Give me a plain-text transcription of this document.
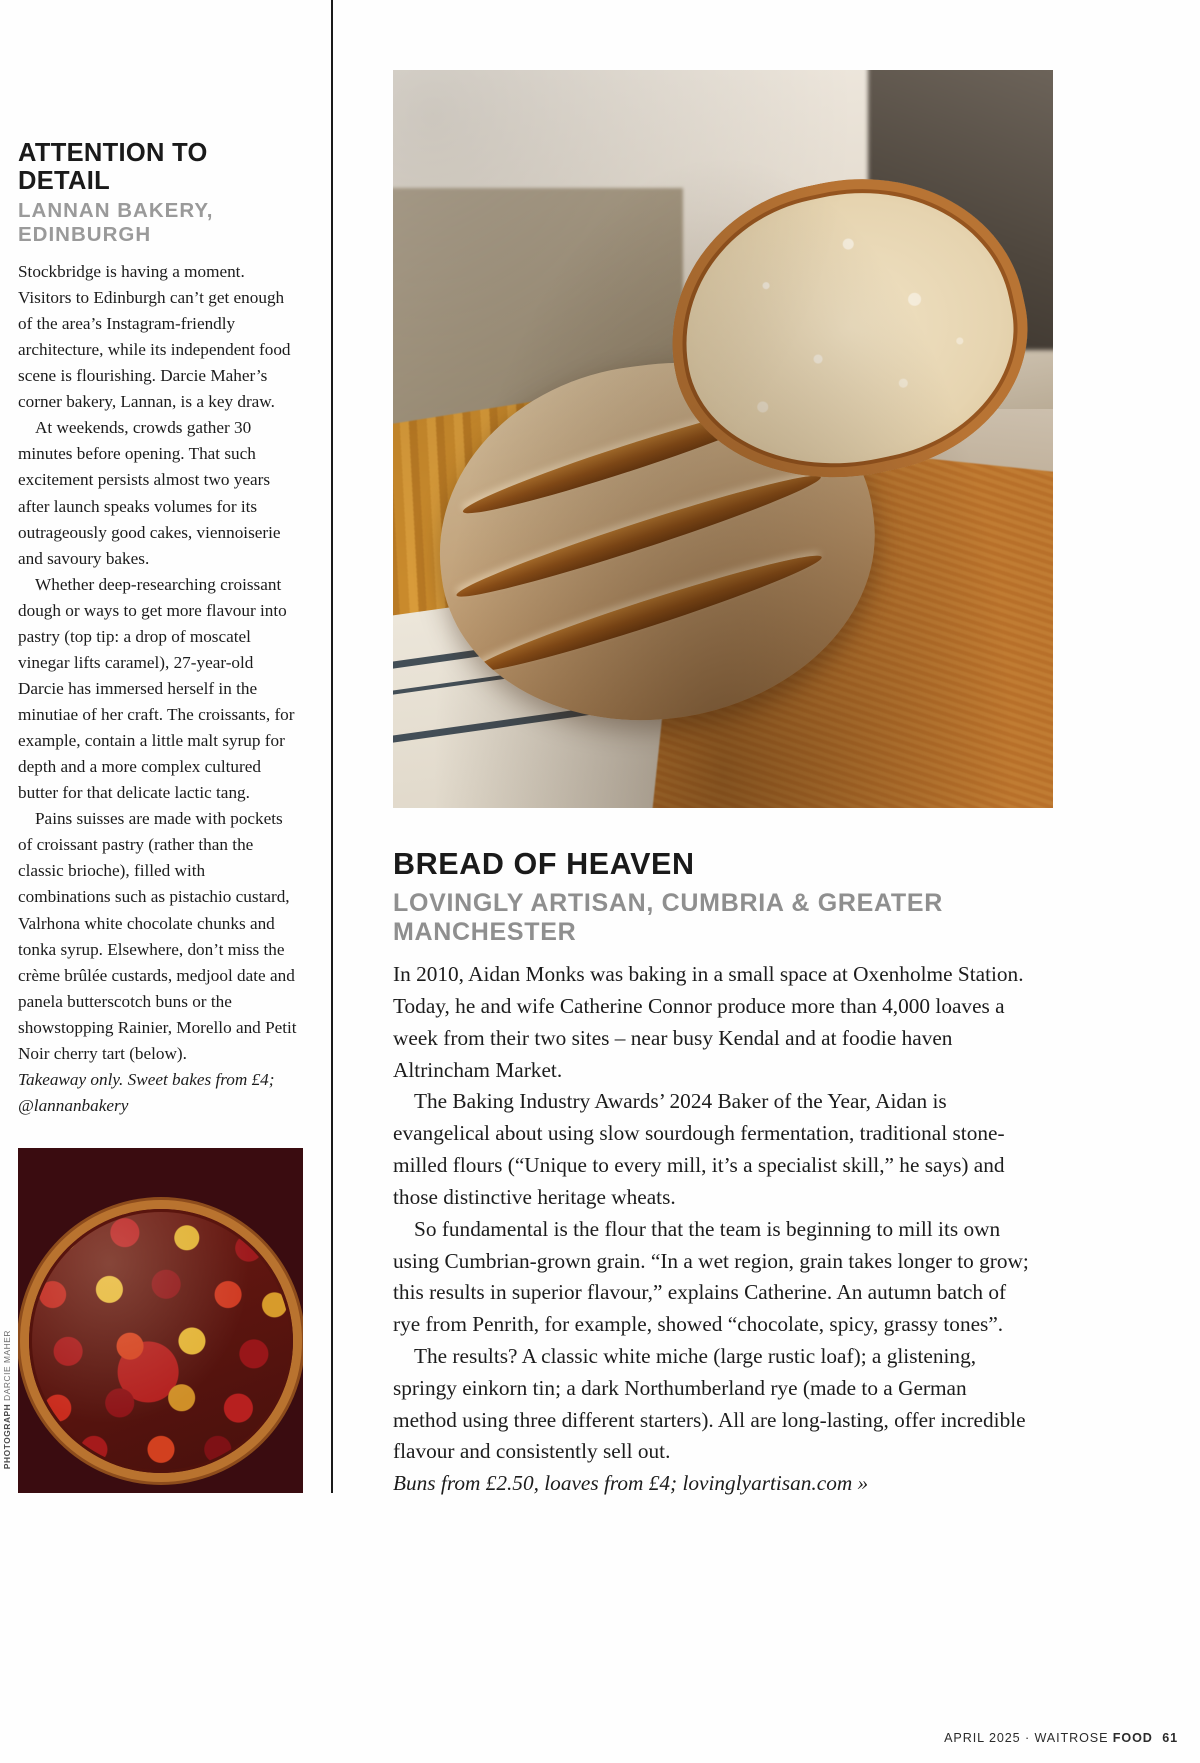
ATTENTION TO DETAIL
LANNAN BAKERY, EDINBURGH

Stockbridge is having a moment. Visitors to Edinburgh can’t get enough of the area’s Instagram-friendly architecture, while its independent food scene is flourishing. Darcie Maher’s corner bakery, Lannan, is a key draw.

At weekends, crowds gather 30 minutes before opening. That such excitement persists almost two years after launch speaks volumes for its outrageously good cakes, viennoiserie and savoury bakes.

Whether deep-researching croissant dough or ways to get more flavour into pastry (top tip: a drop of moscatel vinegar lifts caramel), 27-year-old Darcie has immersed herself in the minutiae of her craft. The croissants, for example, contain a little malt syrup for depth and a more complex cultured butter for that delicate lactic tang.

Pains suisses are made with pockets of croissant pastry (rather than the classic brioche), filled with combinations such as pistachio custard, Valrhona white chocolate chunks and tonka syrup. Elsewhere, don’t miss the crème brûlée custards, medjool date and panela butterscotch buns or the showstopping Rainier, Morello and Petit Noir cherry tart (below).

Takeaway only. Sweet bakes from £4; @lannanbakery

PHOTOGRAPH DARCIE MAHER
BREAD OF HEAVEN
LOVINGLY ARTISAN, CUMBRIA & GREATER MANCHESTER

In 2010, Aidan Monks was baking in a small space at Oxenholme Station. Today, he and wife Catherine Connor produce more than 4,000 loaves a week from their two sites – near busy Kendal and at foodie haven Altrincham Market.

The Baking Industry Awards’ 2024 Baker of the Year, Aidan is evangelical about using slow sourdough fermentation, traditional stone-milled flours (“Unique to every mill, it’s a specialist skill,” he says) and those distinctive heritage wheats.

So fundamental is the flour that the team is beginning to mill its own using Cumbrian-grown grain. “In a wet region, grain takes longer to grow; this results in superior flavour,” explains Catherine. An autumn batch of rye from Penrith, for example, showed “chocolate, spicy, grassy tones”.

The results? A classic white miche (large rustic loaf); a glistening, springy einkorn tin; a dark Northumberland rye (made to a German method using three different starters). All are long-lasting, offer incredible flavour and consistently sell out.

Buns from £2.50, loaves from £4; lovinglyartisan.com »

APRIL 2025 · WAITROSE FOOD 61
